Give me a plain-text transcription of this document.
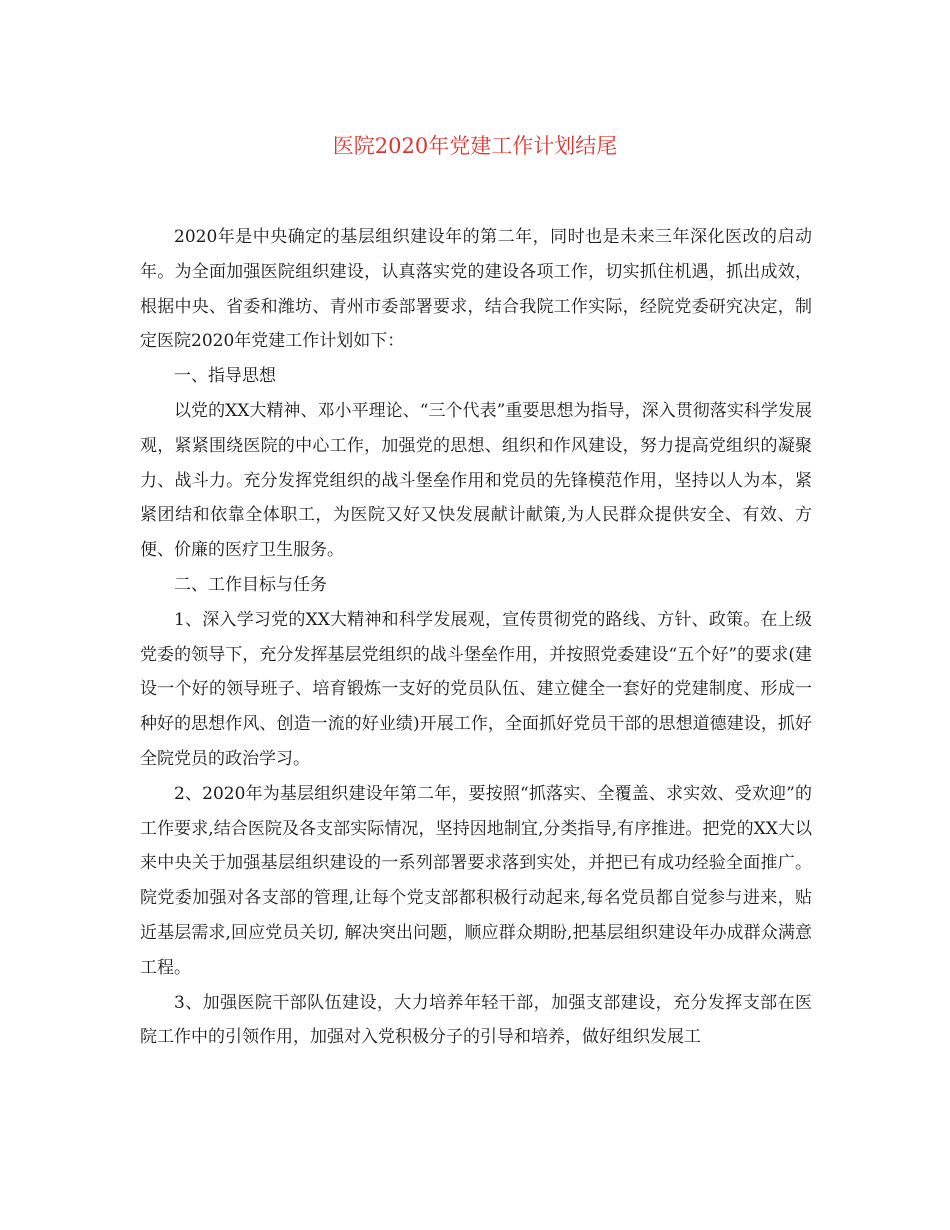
医院2020年党建工作计划结尾

2020年是中央确定的基层组织建设年的第二年，同时也是未来三年深化医改的启动年。为全面加强医院组织建设，认真落实党的建设各项工作，切实抓住机遇，抓出成效，根据中央、省委和潍坊、青州市委部署要求，结合我院工作实际，经院党委研究决定，制定医院2020年党建工作计划如下：

一、指导思想

以党的XX大精神、邓小平理论、“三个代表”重要思想为指导，深入贯彻落实科学发展观，紧紧围绕医院的中心工作，加强党的思想、组织和作风建设，努力提高党组织的凝聚力、战斗力。充分发挥党组织的战斗堡垒作用和党员的先锋模范作用，坚持以人为本，紧紧团结和依靠全体职工，为医院又好又快发展献计献策,为人民群众提供安全、有效、方便、价廉的医疗卫生服务。

二、工作目标与任务

1、深入学习党的XX大精神和科学发展观，宣传贯彻党的路线、方针、政策。在上级党委的领导下，充分发挥基层党组织的战斗堡垒作用，并按照党委建设“五个好”的要求(建设一个好的领导班子、培育锻炼一支好的党员队伍、建立健全一套好的党建制度、形成一种好的思想作风、创造一流的好业绩)开展工作，全面抓好党员干部的思想道德建设，抓好全院党员的政治学习。

2、2020年为基层组织建设年第二年，要按照“抓落实、全覆盖、求实效、受欢迎”的工作要求,结合医院及各支部实际情况，坚持因地制宜,分类指导,有序推进。把党的XX大以来中央关于加强基层组织建设的一系列部署要求落到实处，并把已有成功经验全面推广。院党委加强对各支部的管理,让每个党支部都积极行动起来,每名党员都自觉参与进来，贴近基层需求,回应党员关切, 解决突出问题，顺应群众期盼,把基层组织建设年办成群众满意工程。

3、加强医院干部队伍建设，大力培养年轻干部，加强支部建设，充分发挥支部在医院工作中的引领作用，加强对入党积极分子的引导和培养，做好组织发展工
